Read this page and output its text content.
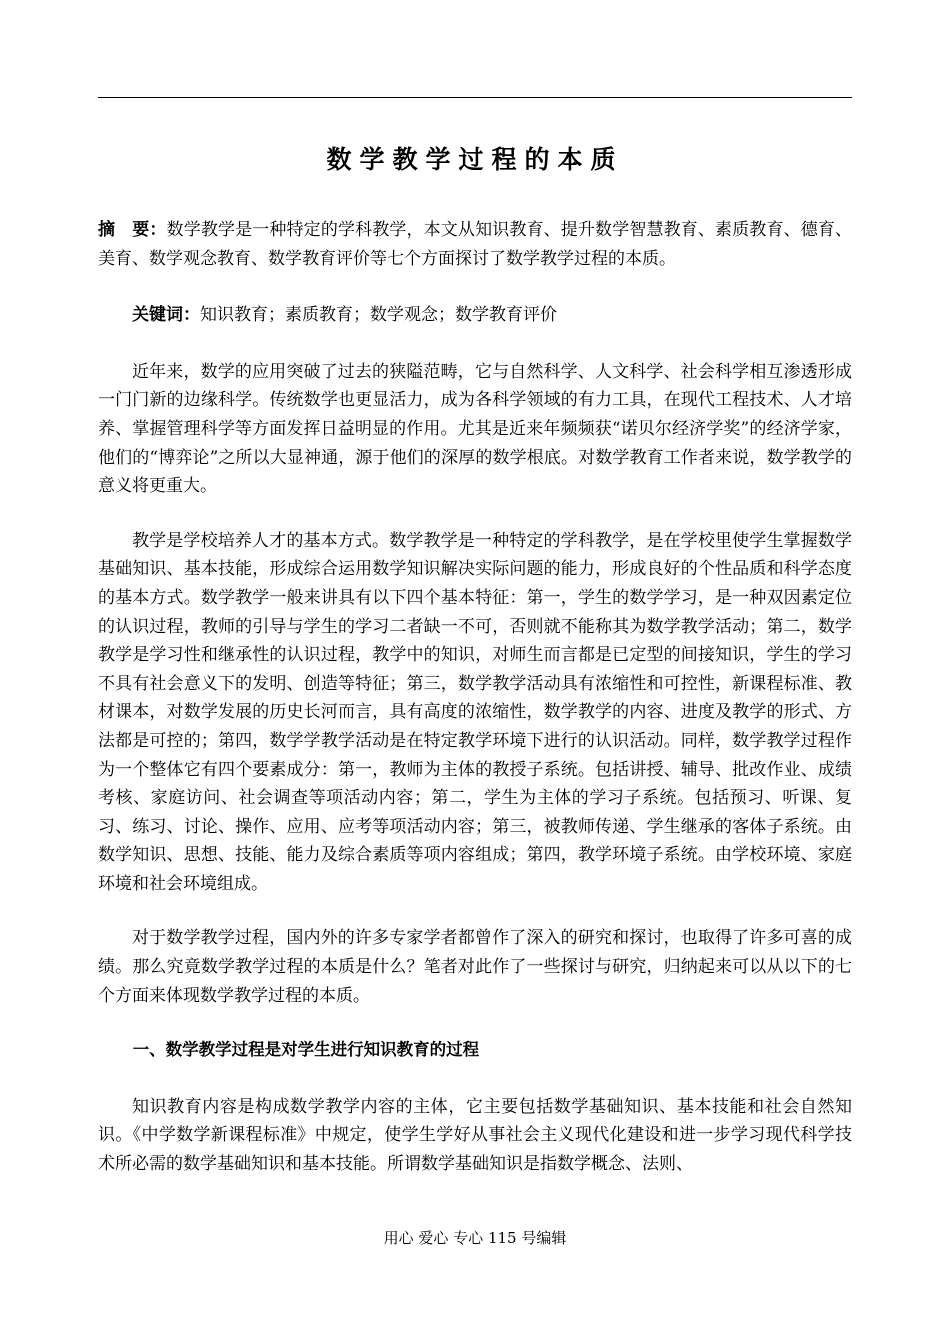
数学教学过程的本质

摘　要：数学教学是一种特定的学科教学，本文从知识教育、提升数学智慧教育、素质教育、德育、美育、数学观念教育、数学教育评价等七个方面探讨了数学教学过程的本质。

关键词：知识教育；素质教育；数学观念；数学教育评价

近年来，数学的应用突破了过去的狭隘范畴，它与自然科学、人文科学、社会科学相互渗透形成一门门新的边缘科学。传统数学也更显活力，成为各科学领域的有力工具，在现代工程技术、人才培养、掌握管理科学等方面发挥日益明显的作用。尤其是近来年频频获“诺贝尔经济学奖”的经济学家，他们的“博弈论”之所以大显神通，源于他们的深厚的数学根底。对数学教育工作者来说，数学教学的意义将更重大。

教学是学校培养人才的基本方式。数学教学是一种特定的学科教学，是在学校里使学生掌握数学基础知识、基本技能，形成综合运用数学知识解决实际问题的能力，形成良好的个性品质和科学态度的基本方式。数学教学一般来讲具有以下四个基本特征：第一，学生的数学学习，是一种双因素定位的认识过程，教师的引导与学生的学习二者缺一不可，否则就不能称其为数学教学活动；第二，数学教学是学习性和继承性的认识过程，教学中的知识，对师生而言都是已定型的间接知识，学生的学习不具有社会意义下的发明、创造等特征；第三，数学教学活动具有浓缩性和可控性，新课程标准、教材课本，对数学发展的历史长河而言，具有高度的浓缩性，数学教学的内容、进度及教学的形式、方法都是可控的；第四，数学学教学活动是在特定教学环境下进行的认识活动。同样，数学教学过程作为一个整体它有四个要素成分：第一，教师为主体的教授子系统。包括讲授、辅导、批改作业、成绩考核、家庭访问、社会调查等项活动内容；第二，学生为主体的学习子系统。包括预习、听课、复习、练习、讨论、操作、应用、应考等项活动内容；第三，被教师传递、学生继承的客体子系统。由数学知识、思想、技能、能力及综合素质等项内容组成；第四，教学环境子系统。由学校环境、家庭环境和社会环境组成。

对于数学教学过程，国内外的许多专家学者都曾作了深入的研究和探讨，也取得了许多可喜的成绩。那么究竟数学教学过程的本质是什么？笔者对此作了一些探讨与研究，归纳起来可以从以下的七个方面来体现数学教学过程的本质。

一、数学教学过程是对学生进行知识教育的过程

知识教育内容是构成数学教学内容的主体，它主要包括数学基础知识、基本技能和社会自然知识。《中学数学新课程标准》中规定，使学生学好从事社会主义现代化建设和进一步学习现代科学技术所必需的数学基础知识和基本技能。所谓数学基础知识是指数学概念、法则、

用心 爱心 专心 115 号编辑
